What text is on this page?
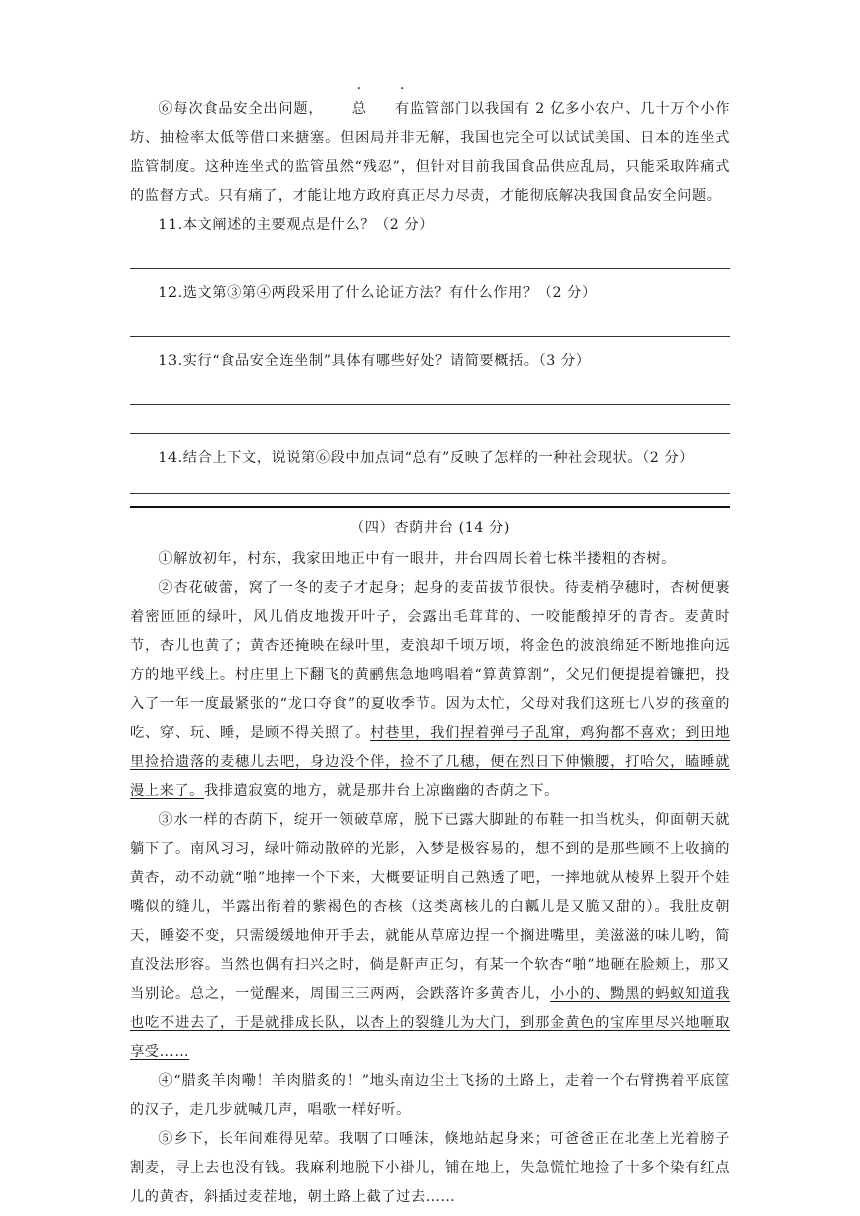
⑥每次食品安全出问题， 总 有监管部门以我国有 2 亿多小农户、几十万个小作坊、抽检率太低等借口来搪塞。但困局并非无解，我国也完全可以试试美国、日本的连坐式监管制度。这种连坐式的监管虽然“残忍”，但针对目前我国食品供应乱局，只能采取阵痛式的监督方式。只有痛了，才能让地方政府真正尽力尽责，才能彻底解决我国食品安全问题。

11.本文阐述的主要观点是什么？（2 分）
12.选文第③第④两段采用了什么论证方法？有什么作用？（2 分）
13.实行“食品安全连坐制”具体有哪些好处？请简要概括。（3 分）
14.结合上下文，说说第⑥段中加点词“总有”反映了怎样的一种社会现状。（2 分）
（四）杏荫井台 (14 分)

①解放初年，村东，我家田地正中有一眼井，井台四周长着七株半搂粗的杏树。

②杏花破蕾，窝了一冬的麦子才起身；起身的麦苗拔节很快。待麦梢孕穗时，杏树便裹着密匝匝的绿叶，风儿俏皮地拨开叶子，会露出毛茸茸的、一咬能酸掉牙的青杏。麦黄时节，杏儿也黄了；黄杏还掩映在绿叶里，麦浪却千顷万顷，将金色的波浪绵延不断地推向远方的地平线上。村庄里上下翻飞的黄鹂焦急地鸣唱着“算黄算割”，父兄们便提提着镰把，投入了一年一度最紧张的“龙口夺食”的夏收季节。因为太忙，父母对我们这班七八岁的孩童的吃、穿、玩、睡，是顾不得关照了。村巷里，我们捏着弹弓子乱窜，鸡狗都不喜欢；到田地里捡拾遗落的麦穗儿去吧，身边没个伴，捡不了几穗，便在烈日下伸懒腰，打哈欠，瞌睡就漫上来了。我排遣寂寞的地方，就是那井台上凉幽幽的杏荫之下。

③水一样的杏荫下，绽开一领破草席，脱下已露大脚趾的布鞋一扣当枕头，仰面朝天就躺下了。南风习习，绿叶筛动散碎的光影，入梦是极容易的，想不到的是那些顾不上收摘的黄杏，动不动就“啪”地摔一个下来，大概要证明自己熟透了吧，一摔地就从棱界上裂开个娃嘴似的缝儿，半露出衔着的紫褐色的杏核（这类离核儿的白瓤儿是又脆又甜的）。我肚皮朝天，睡姿不变，只需缓缓地伸开手去，就能从草席边捏一个搁进嘴里，美滋滋的味儿哟，简直没法形容。当然也偶有扫兴之时，倘是鼾声正匀，有某一个软杏“啪”地砸在脸颊上，那又当别论。总之，一觉醒来，周围三三两两，会跌落许多黄杏儿，小小的、黝黑的蚂蚁知道我也吃不进去了，于是就排成长队，以杏上的裂缝儿为大门，到那金黄色的宝库里尽兴地咂取享受……

④“腊炙羊肉嘞！羊肉腊炙的！”地头南边尘土飞扬的土路上，走着一个右臂携着平底筐的汉子，走几步就喊几声，唱歌一样好听。

⑤乡下，长年间难得见荤。我咽了口唾沫，倏地站起身来；可爸爸正在北垄上光着膀子割麦，寻上去也没有钱。我麻利地脱下小褂儿，铺在地上，失急慌忙地捡了十多个染有红点儿的黄杏，斜插过麦茬地，朝土路上截了过去……
